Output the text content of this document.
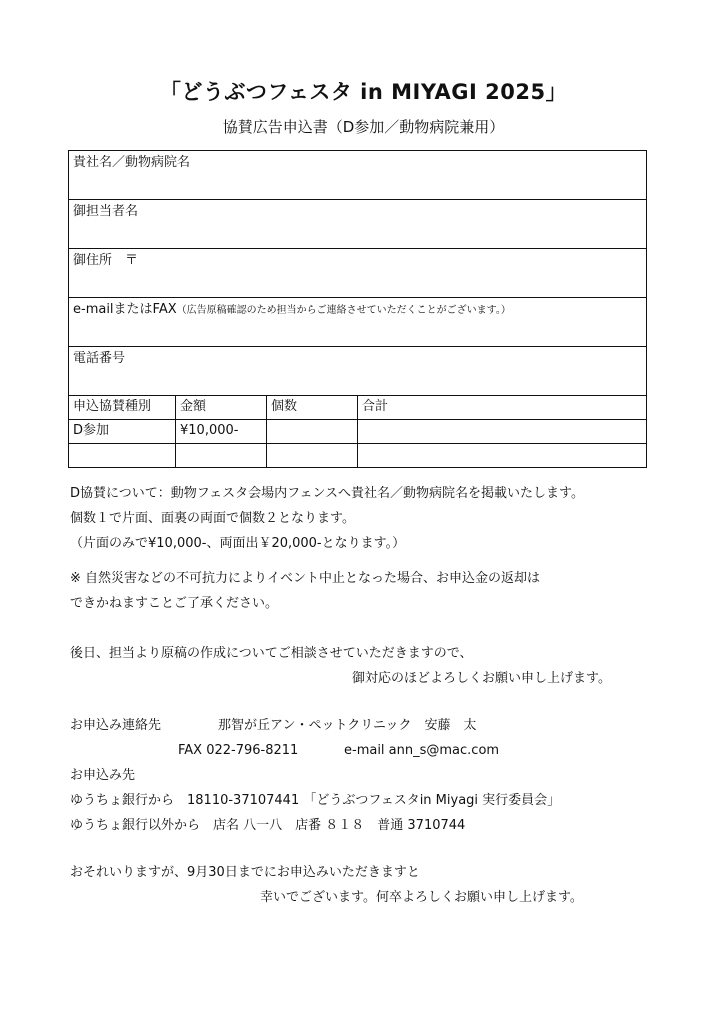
「どうぶつフェスタ in MIYAGI 2025」
協賛広告申込書（D参加／動物病院兼用）
貴社名／動物病院名			
御担当者名			
御住所　〒			
e-mailまたはFAX（広告原稿確認のため担当からご連絡させていただくことがございます。）			
電話番号			
申込協賛種別	金額	個数	合計
D参加	¥10,000-		

D協賛について：動物フェスタ会場内フェンスへ貴社名／動物病院名を掲載いたします。
個数１で片面、面裏の両面で個数２となります。
（片面のみで¥10,000-、両面出￥20,000-となります。）
※ 自然災害などの不可抗力によりイベント中止となった場合、お申込金の返却は
できかねますことご了承ください。
後日、担当より原稿の作成についてご相談させていただきますので、
御対応のほどよろしくお願い申し上げます。
お申込み連絡先	那智が丘アン・ペットクリニック　安藤　太
FAX 022-796-8211	e-mail ann_s@mac.com
お申込み先
ゆうちょ銀行から　18110-37107441 「どうぶつフェスタin Miyagi 実行委員会」
ゆうちょ銀行以外から　店名 八一八　店番 ８１８　普通 3710744
おそれいりますが、9月30日までにお申込みいただきますと
幸いでございます。何卒よろしくお願い申し上げます。
